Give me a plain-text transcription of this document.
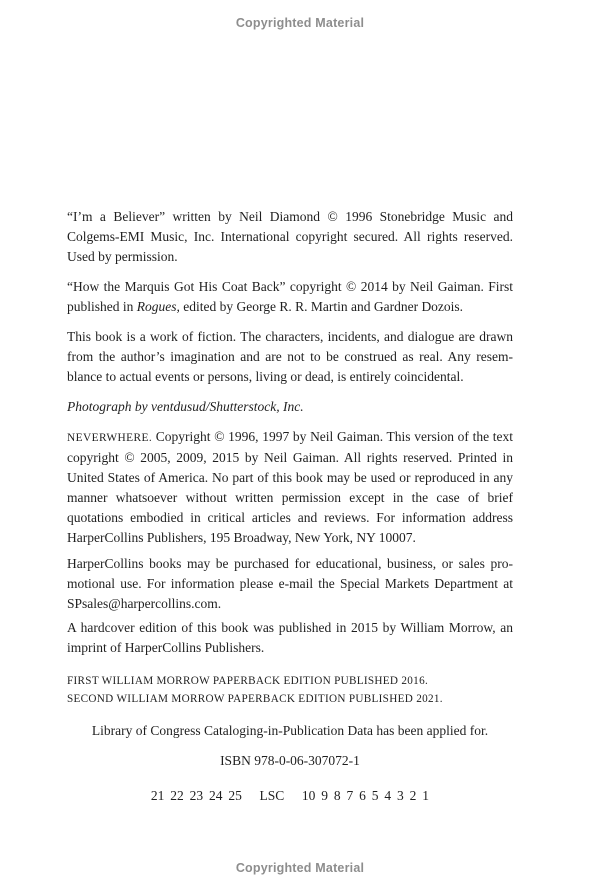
Copyrighted Material

“I’m a Believer” written by Neil Diamond © 1996 Stonebridge Music and Colgems-EMI Music, Inc. International copyright secured. All rights reserved. Used by permission.

“How the Marquis Got His Coat Back” copyright © 2014 by Neil Gaiman. First published in Rogues, edited by George R. R. Martin and Gardner Dozois.

This book is a work of fiction. The characters, incidents, and dialogue are drawn from the author’s imagination and are not to be construed as real. Any resemblance to actual events or persons, living or dead, is entirely coincidental.

Photograph by ventdusud/Shutterstock, Inc.

NEVERWHERE. Copyright © 1996, 1997 by Neil Gaiman. This version of the text copyright © 2005, 2009, 2015 by Neil Gaiman. All rights reserved. Printed in United States of America. No part of this book may be used or reproduced in any manner whatsoever without written permission except in the case of brief quotations embodied in critical articles and reviews. For information address HarperCollins Publishers, 195 Broadway, New York, NY 10007.

HarperCollins books may be purchased for educational, business, or sales promotional use. For information please e-mail the Special Markets Department at SPsales@harpercollins.com.

A hardcover edition of this book was published in 2015 by William Morrow, an imprint of HarperCollins Publishers.

FIRST WILLIAM MORROW PAPERBACK EDITION PUBLISHED 2016.

SECOND WILLIAM MORROW PAPERBACK EDITION PUBLISHED 2021.

Library of Congress Cataloging-in-Publication Data has been applied for.

ISBN 978-0-06-307072-1

21 22 23 24 25   LSC   10 9 8 7 6 5 4 3 2 1

Copyrighted Material
